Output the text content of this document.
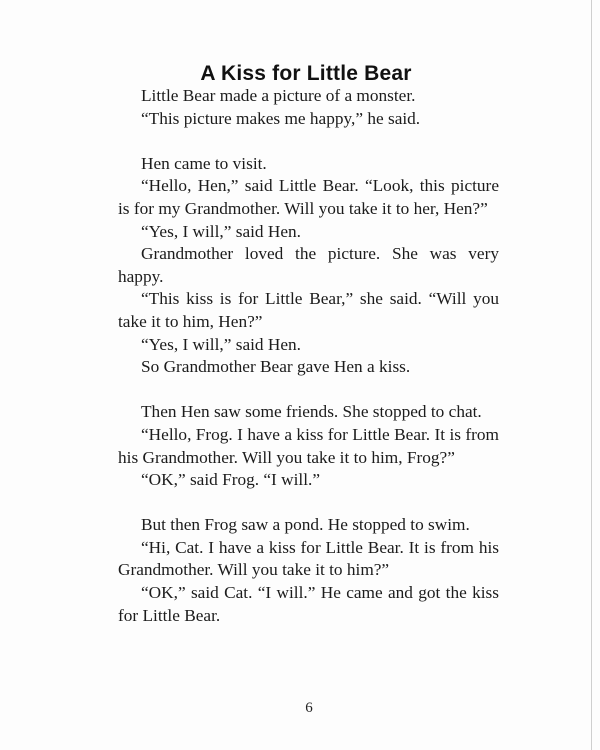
A Kiss for Little Bear

Little Bear made a picture of a monster.

“This picture makes me happy,” he said.

Hen came to visit.

“Hello, Hen,” said Little Bear. “Look, this picture is for my Grandmother. Will you take it to her, Hen?”

“Yes, I will,” said Hen.

Grandmother loved the picture. She was very happy.

“This kiss is for Little Bear,” she said. “Will you take it to him, Hen?”

“Yes, I will,” said Hen.

So Grandmother Bear gave Hen a kiss.

Then Hen saw some friends. She stopped to chat.

“Hello, Frog. I have a kiss for Little Bear. It is from his Grandmother. Will you take it to him, Frog?”

“OK,” said Frog. “I will.”

But then Frog saw a pond. He stopped to swim.

“Hi, Cat. I have a kiss for Little Bear. It is from his Grandmother. Will you take it to him?”

“OK,” said Cat. “I will.” He came and got the kiss for Little Bear.

6
